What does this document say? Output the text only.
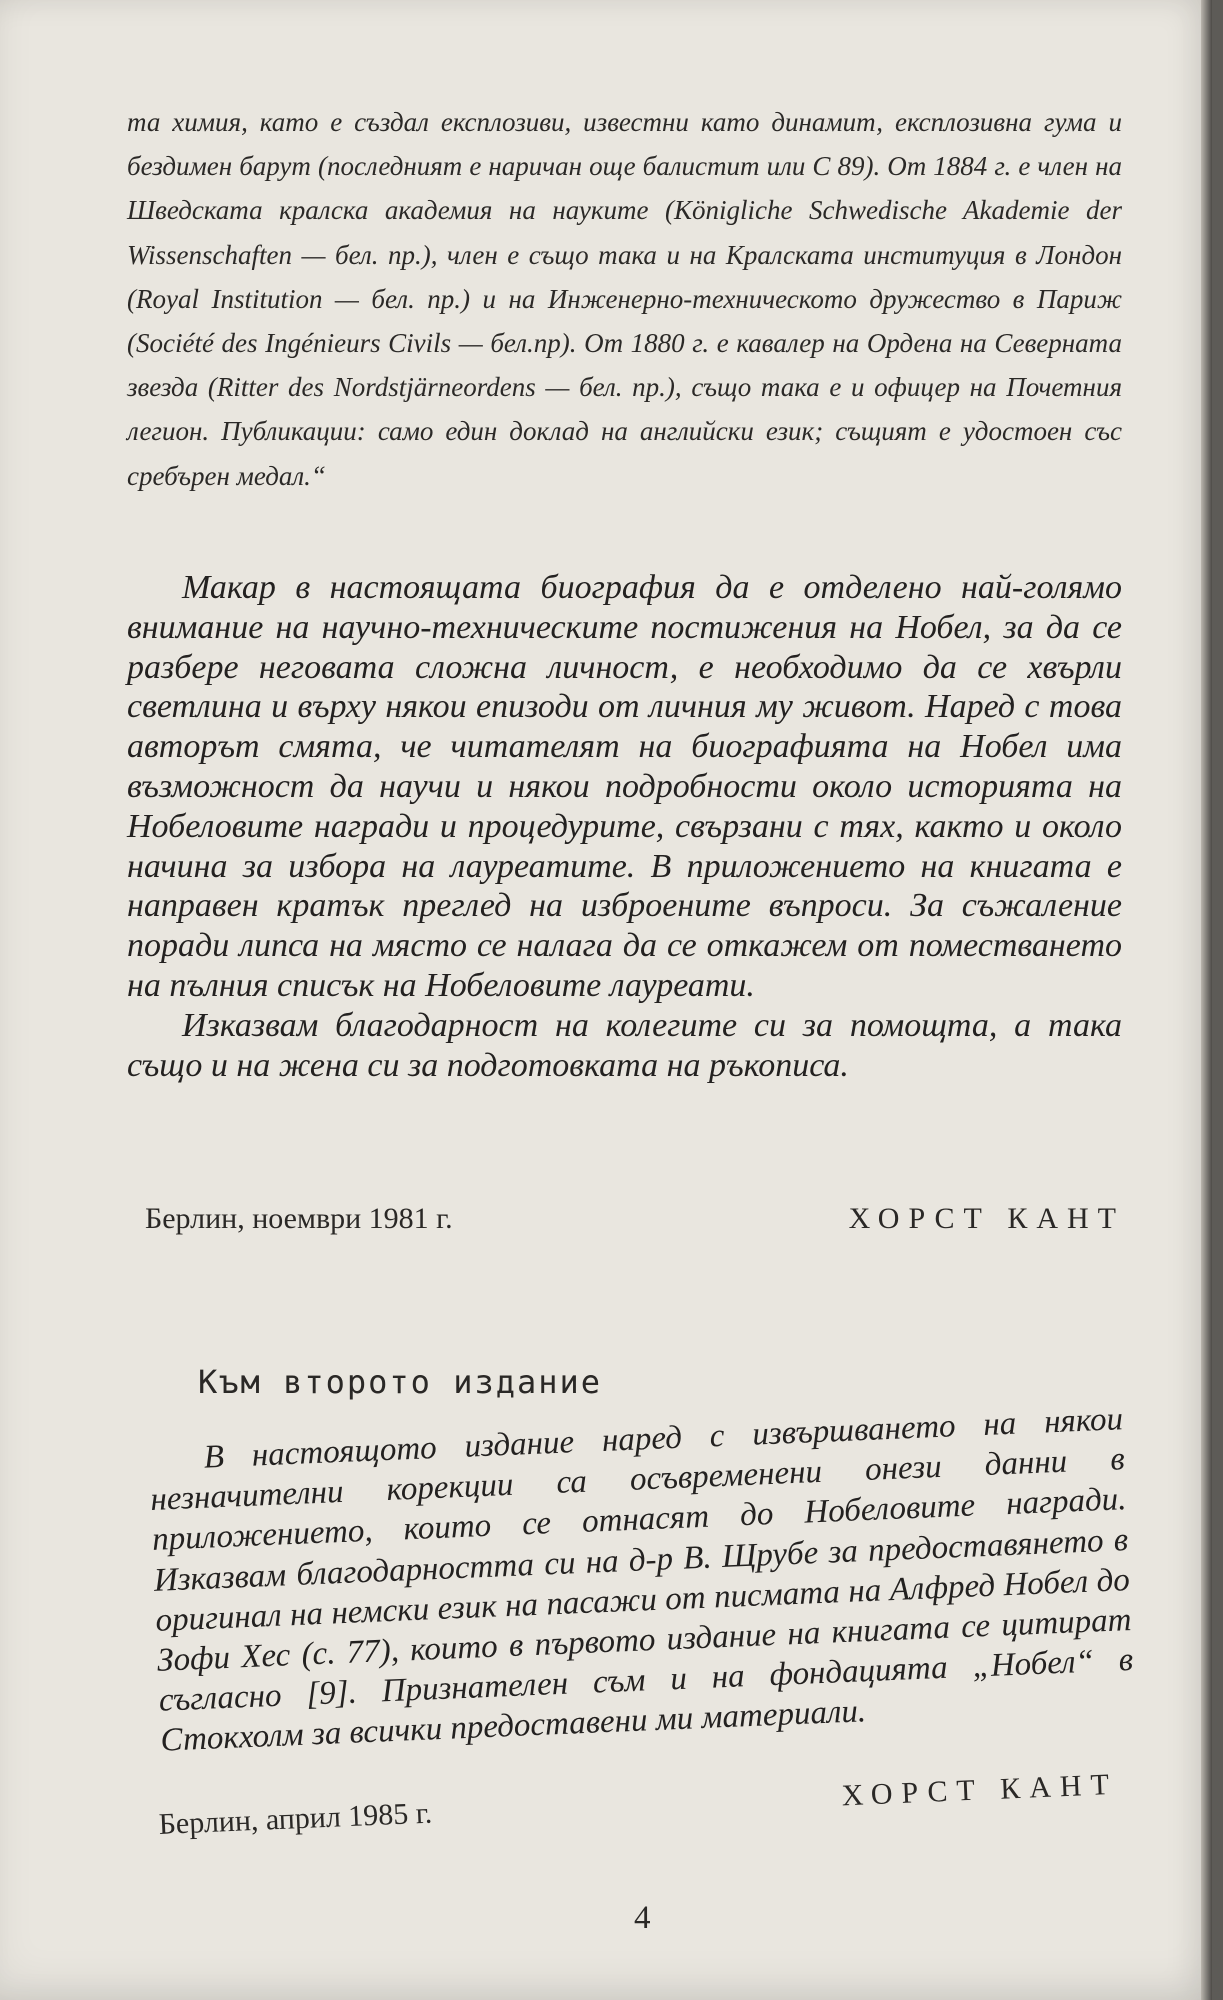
та химия, като е създал експлозиви, известни като динамит, експлозивна гума и бездимен барут (последният е наричан още балистит или С 89). От 1884 г. е член на Шведската кралска академия на науките (Königliche Schwedische Akademie der Wissenschaften — бел. пр.), член е също така и на Кралската институция в Лондон (Royal Institution — бел. пр.) и на Инженерно-техническото дружество в Париж (Société des Ingénieurs Civils — бел.пр). От 1880 г. е кавалер на Ордена на Северната звезда (Ritter des Nordstjärneordens — бел. пр.), също така е и офицер на Почетния легион. Публикации: само един доклад на английски език; същият е удостоен със сребърен медал.“

Макар в настоящата биография да е отделено най-голямо внимание на научно-техническите постижения на Нобел, за да се разбере неговата сложна личност, е необходимо да се хвърли светлина и върху някои епизоди от личния му живот. Наред с това авторът смята, че читателят на биографията на Нобел има възможност да научи и някои подробности около историята на Нобеловите награди и процедурите, свързани с тях, както и около начина за избора на лауреатите. В приложението на книгата е направен кратък преглед на изброените въпроси. За съжаление поради липса на място се налага да се откажем от поместването на пълния списък на Нобеловите лауреати.

Изказвам благодарност на колегите си за помощта, а така също и на жена си за подготовката на ръкописа.

Берлин, ноември 1981 г.	ХОРСТ КАНТ
Към второто издание

В настоящото издание наред с извършването на някои незначителни корекции са осъвременени онези данни в приложението, които се отнасят до Нобеловите награди. Изказвам благодарността си на д-р В. Щрубе за предоставянето в оригинал на немски език на пасажи от писмата на Алфред Нобел до Зофи Хес (с. 77), които в първото издание на книгата се цитират съгласно [9]. Признателен съм и на фондацията „Нобел“ в Стокхолм за всички предоставени ми материали.

Берлин, април 1985 г.
ХОРСТ КАНТ
4
